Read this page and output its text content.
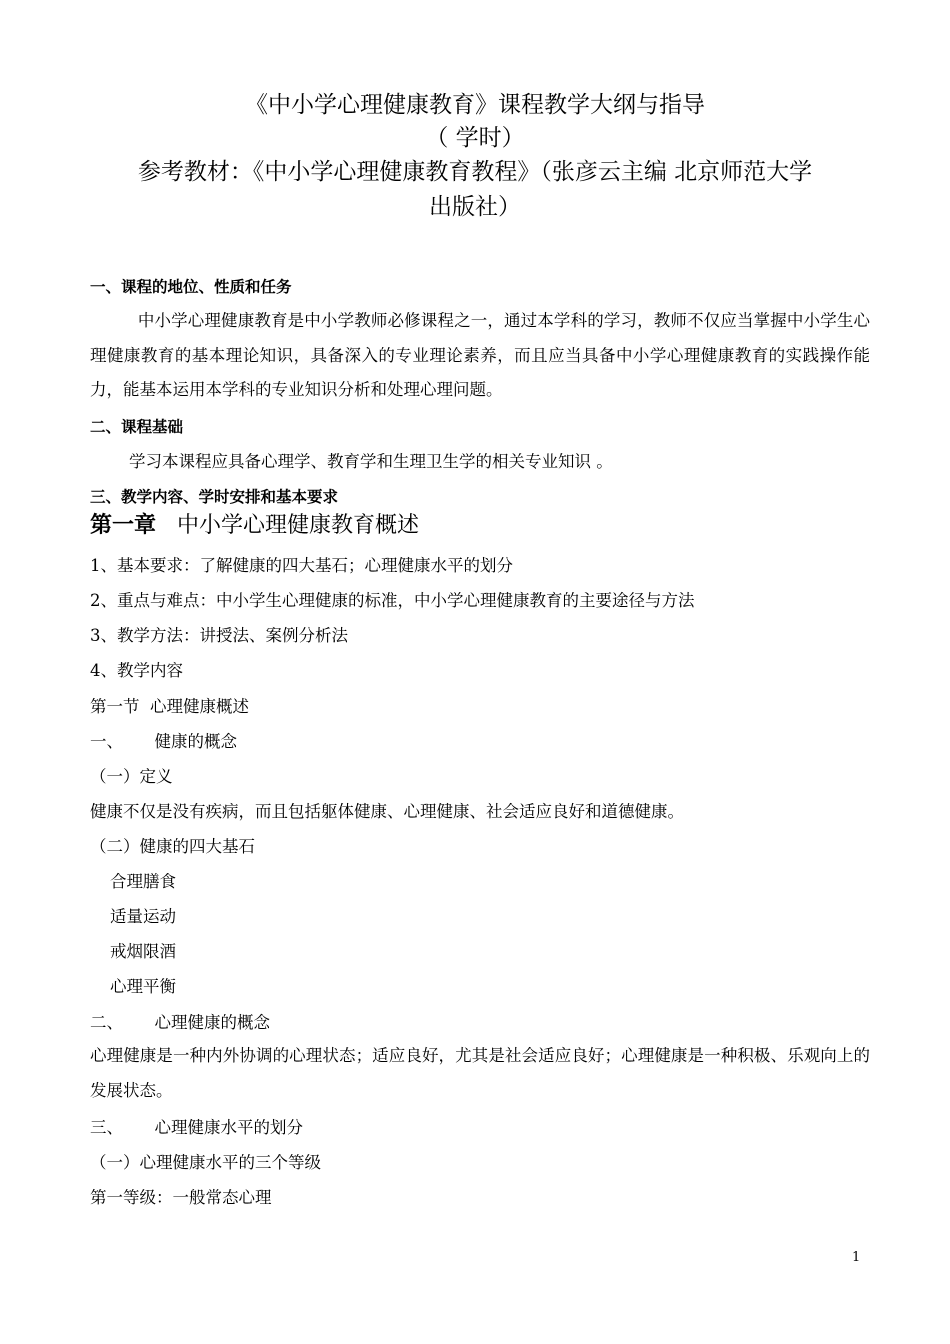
《中小学心理健康教育》课程教学大纲与指导
（ 学时）
参考教材：《中小学心理健康教育教程》（张彦云主编 北京师范大学
出版社）
一、课程的地位、性质和任务

中小学心理健康教育是中小学教师必修课程之一，通过本学科的学习，教师不仅应当掌握中小学生心理健康教育的基本理论知识，具备深入的专业理论素养，而且应当具备中小学心理健康教育的实践操作能力，能基本运用本学科的专业知识分析和处理心理问题。

二、课程基础
学习本课程应具备心理学、教育学和生理卫生学的相关专业知识 。
三、教学内容、学时安排和基本要求
第一章 中小学心理健康教育概述
1、基本要求：了解健康的四大基石；心理健康水平的划分
2、重点与难点：中小学生心理健康的标准，中小学心理健康教育的主要途径与方法
3、教学方法：讲授法、案例分析法
4、教学内容
第一节  心理健康概述
一、      健康的概念
（一）定义
健康不仅是没有疾病，而且包括躯体健康、心理健康、社会适应良好和道德健康。
（二）健康的四大基石
合理膳食
适量运动
戒烟限酒
心理平衡
二、      心理健康的概念

心理健康是一种内外协调的心理状态；适应良好，尤其是社会适应良好；心理健康是一种积极、乐观向上的发展状态。

三、      心理健康水平的划分
（一）心理健康水平的三个等级
第一等级：一般常态心理
1
